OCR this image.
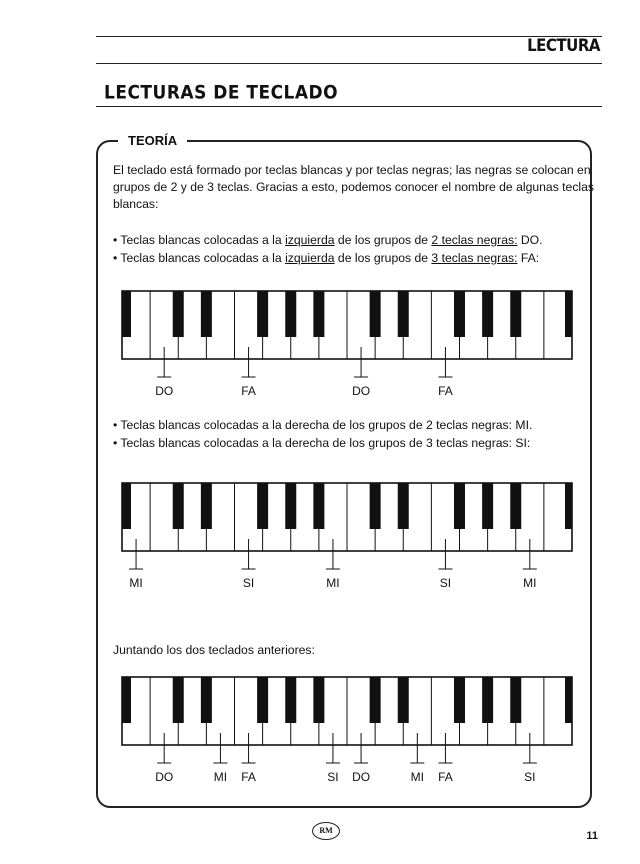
LECTURA
LECTURAS DE TECLADO
TEORÍA
El teclado está formado por teclas blancas y por teclas negras; las negras se colocan en
grupos de 2 y de 3 teclas. Gracias a esto, podemos conocer el nombre de algunas teclas
blancas:
• Teclas blancas colocadas a la izquierda de los grupos de 2 teclas negras: DO.
• Teclas blancas colocadas a la izquierda de los grupos de 3 teclas negras: FA:
DO	FA	DO	FA
• Teclas blancas colocadas a la derecha de los grupos de 2 teclas negras: MI.
• Teclas blancas colocadas a la derecha de los grupos de 3 teclas negras: SI:
MI	SI	MI	SI	MI
Juntando los dos teclados anteriores:
DO	MI FA	SI DO	MI FA	SI
RM	11
